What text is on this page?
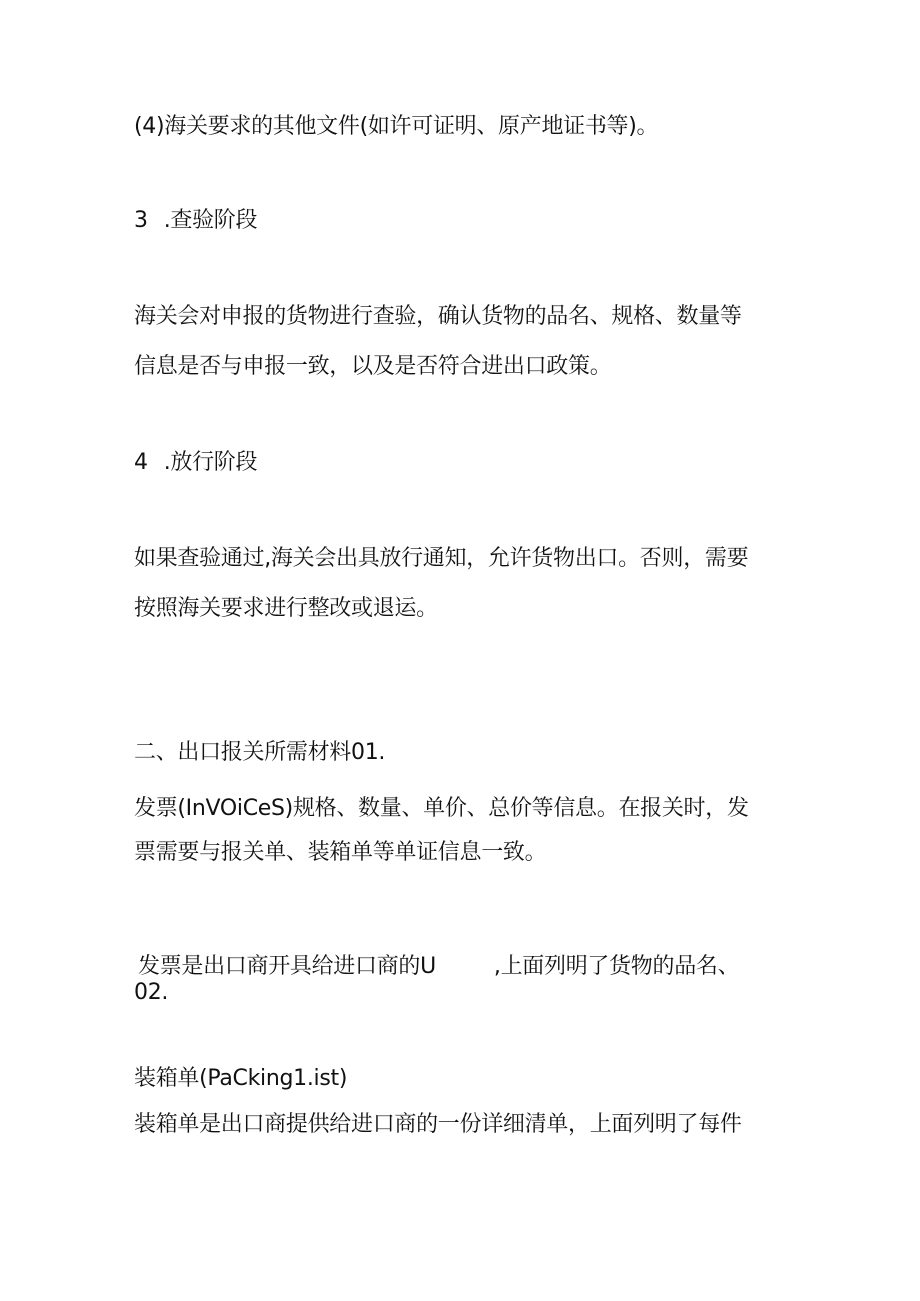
(4)海关要求的其他文件(如许可证明、原产地证书等)。
3 .查验阶段
海关会对申报的货物进行查验，确认货物的品名、规格、数量等
信息是否与申报一致，以及是否符合进出口政策。
4 .放行阶段
如果查验通过,海关会出具放行通知，允许货物出口。否则，需要
按照海关要求进行整改或退运。
二、出口报关所需材料01.
发票(InVOiCeS)规格、数量、单价、总价等信息。在报关时，发
票需要与报关单、装箱单等单证信息一致。
发票是出口商开具给进口商的U	,上面列明了货物的品名、
02.
装箱单(PaCking1.ist)
装箱单是出口商提供给进口商的一份详细清单，上面列明了每件
